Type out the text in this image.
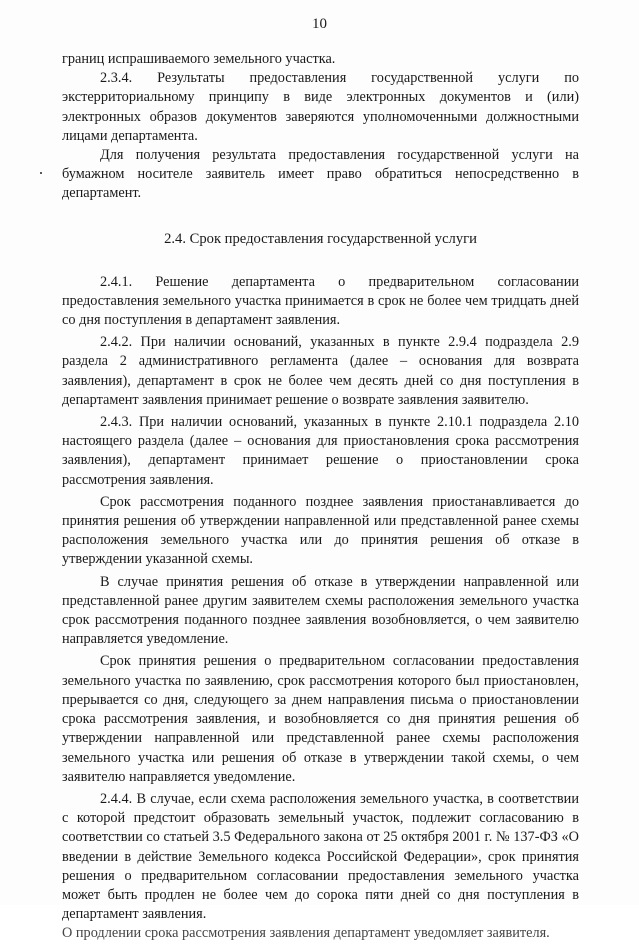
10

границ испрашиваемого земельного участка.

2.3.4. Результаты предоставления государственной услуги по экстерриториальному принципу в виде электронных документов и (или) электронных образов документов заверяются уполномоченными должностными лицами департамента.

Для получения результата предоставления государственной услуги на бумажном носителе заявитель имеет право обратиться непосредственно в департамент.

2.4. Срок предоставления государственной услуги

2.4.1. Решение департамента о предварительном согласовании предоставления земельного участка принимается в срок не более чем тридцать дней со дня поступления в департамент заявления.

2.4.2. При наличии оснований, указанных в пункте 2.9.4 подраздела 2.9 раздела 2 административного регламента (далее – основания для возврата заявления), департамент в срок не более чем десять дней со дня поступления в департамент заявления принимает решение о возврате заявления заявителю.

2.4.3. При наличии оснований, указанных в пункте 2.10.1 подраздела 2.10 настоящего раздела (далее – основания для приостановления срока рассмотрения заявления), департамент принимает решение о приостановлении срока рассмотрения заявления.

Срок рассмотрения поданного позднее заявления приостанавливается до принятия решения об утверждении направленной или представленной ранее схемы расположения земельного участка или до принятия решения об отказе в утверждении указанной схемы.

В случае принятия решения об отказе в утверждении направленной или представленной ранее другим заявителем схемы расположения земельного участка срок рассмотрения поданного позднее заявления возобновляется, о чем заявителю направляется уведомление.

Срок принятия решения о предварительном согласовании предоставления земельного участка по заявлению, срок рассмотрения которого был приостановлен, прерывается со дня, следующего за днем направления письма о приостановлении срока рассмотрения заявления, и возобновляется со дня принятия решения об утверждении направленной или представленной ранее схемы расположения земельного участка или решения об отказе в утверждении такой схемы, о чем заявителю направляется уведомление.

2.4.4. В случае, если схема расположения земельного участка, в соответствии с которой предстоит образовать земельный участок, подлежит согласованию в соответствии со статьей 3.5 Федерального закона от 25 октября 2001 г. № 137-ФЗ «О введении в действие Земельного кодекса Российской Федерации», срок принятия решения о предварительном согласовании предоставления земельного участка может быть продлен не более чем до сорока пяти дней со дня поступления в департамент заявления.

О продлении срока рассмотрения заявления департамент уведомляет заявителя.
